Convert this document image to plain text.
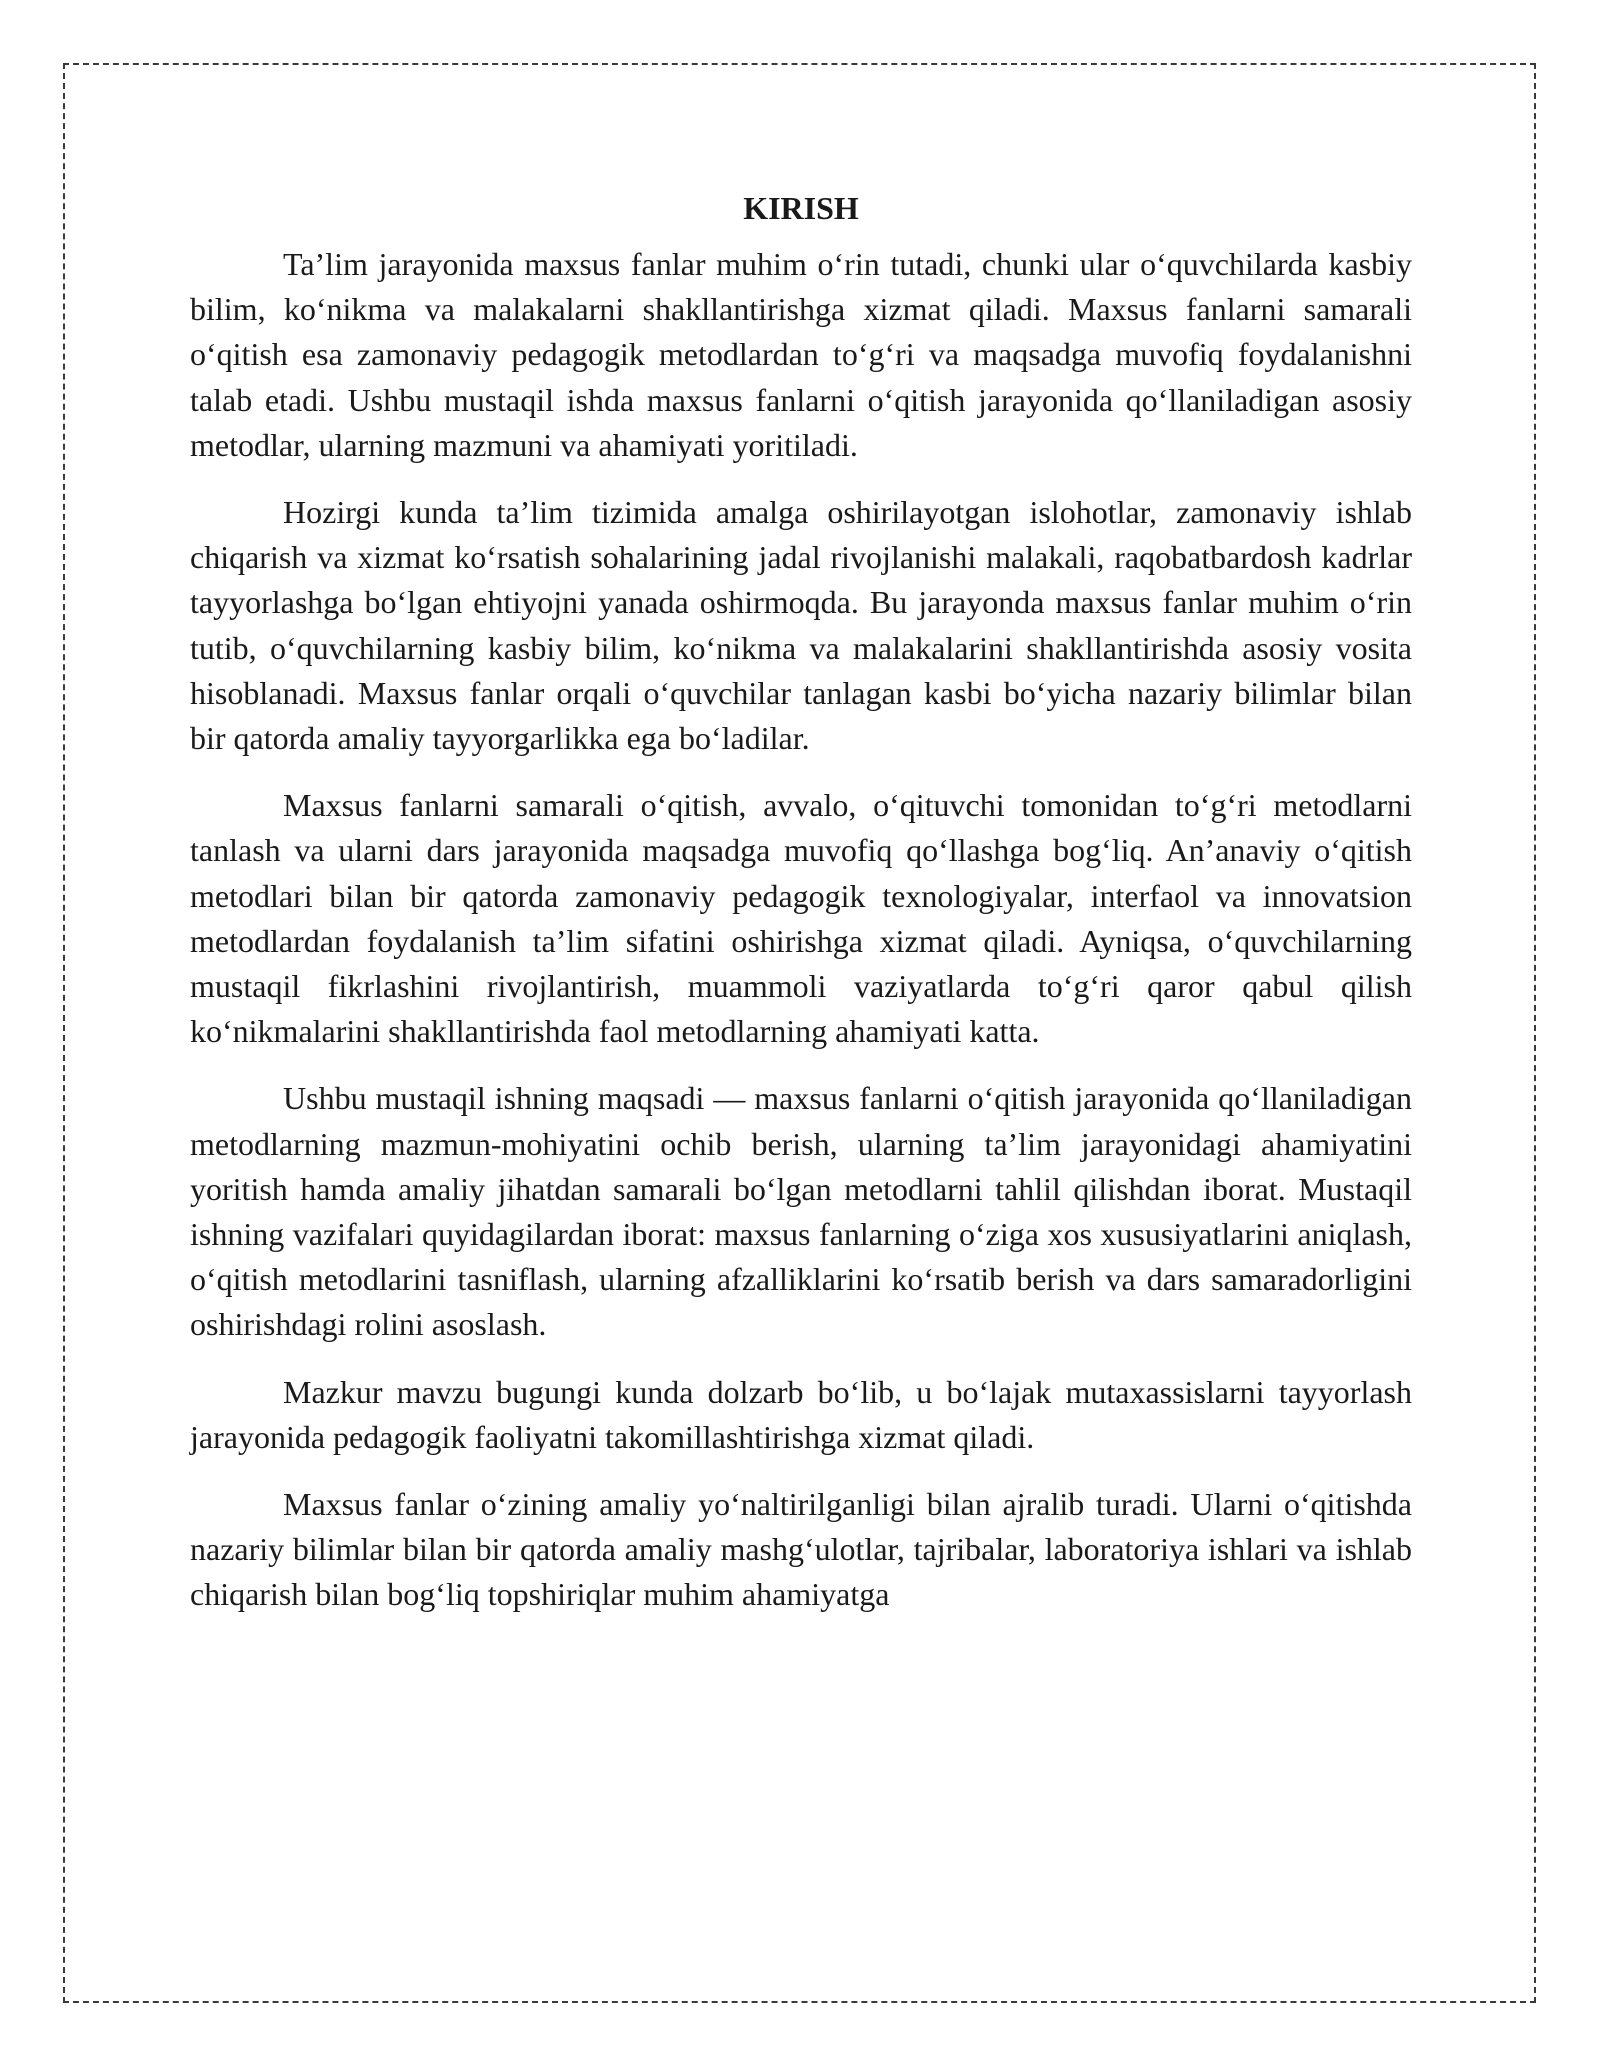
KIRISH

Ta’lim jarayonida maxsus fanlar muhim o‘rin tutadi, chunki ular o‘quvchilarda kasbiy bilim, ko‘nikma va malakalarni shakllantirishga xizmat qiladi. Maxsus fanlarni samarali o‘qitish esa zamonaviy pedagogik metodlardan to‘g‘ri va maqsadga muvofiq foydalanishni talab etadi. Ushbu mustaqil ishda maxsus fanlarni o‘qitish jarayonida qo‘llaniladigan asosiy metodlar, ularning mazmuni va ahamiyati yoritiladi.

Hozirgi kunda ta’lim tizimida amalga oshirilayotgan islohotlar, zamonaviy ishlab chiqarish va xizmat ko‘rsatish sohalarining jadal rivojlanishi malakali, raqobatbardosh kadrlar tayyorlashga bo‘lgan ehtiyojni yanada oshirmoqda. Bu jarayonda maxsus fanlar muhim o‘rin tutib, o‘quvchilarning kasbiy bilim, ko‘nikma va malakalarini shakllantirishda asosiy vosita hisoblanadi. Maxsus fanlar orqali o‘quvchilar tanlagan kasbi bo‘yicha nazariy bilimlar bilan bir qatorda amaliy tayyorgarlikka ega bo‘ladilar.

Maxsus fanlarni samarali o‘qitish, avvalo, o‘qituvchi tomonidan to‘g‘ri metodlarni tanlash va ularni dars jarayonida maqsadga muvofiq qo‘llashga bog‘liq. An’anaviy o‘qitish metodlari bilan bir qatorda zamonaviy pedagogik texnologiyalar, interfaol va innovatsion metodlardan foydalanish ta’lim sifatini oshirishga xizmat qiladi. Ayniqsa, o‘quvchilarning mustaqil fikrlashini rivojlantirish, muammoli vaziyatlarda to‘g‘ri qaror qabul qilish ko‘nikmalarini shakllantirishda faol metodlarning ahamiyati katta.

Ushbu mustaqil ishning maqsadi — maxsus fanlarni o‘qitish jarayonida qo‘llaniladigan metodlarning mazmun-mohiyatini ochib berish, ularning ta’lim jarayonidagi ahamiyatini yoritish hamda amaliy jihatdan samarali bo‘lgan metodlarni tahlil qilishdan iborat. Mustaqil ishning vazifalari quyidagilardan iborat: maxsus fanlarning o‘ziga xos xususiyatlarini aniqlash, o‘qitish metodlarini tasniflash, ularning afzalliklarini ko‘rsatib berish va dars samaradorligini oshirishdagi rolini asoslash.

Mazkur mavzu bugungi kunda dolzarb bo‘lib, u bo‘lajak mutaxassislarni tayyorlash jarayonida pedagogik faoliyatni takomillashtirishga xizmat qiladi.

Maxsus fanlar o‘zining amaliy yo‘naltirilganligi bilan ajralib turadi. Ularni o‘qitishda nazariy bilimlar bilan bir qatorda amaliy mashg‘ulotlar, tajribalar, laboratoriya ishlari va ishlab chiqarish bilan bog‘liq topshiriqlar muhim ahamiyatga
